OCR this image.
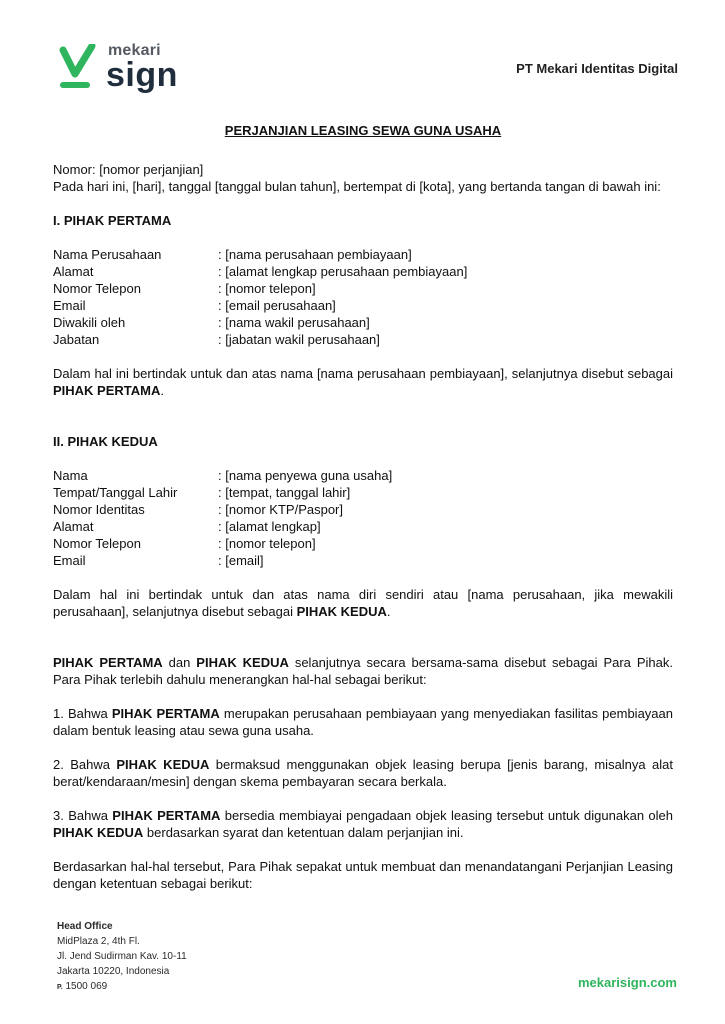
mekari
sign	PT Mekari Identitas Digital
PERJANJIAN LEASING SEWA GUNA USAHA
Nomor: [nomor perjanjian]
Pada hari ini, [hari], tanggal [tanggal bulan tahun], bertempat di [kota], yang bertanda tangan di bawah ini:
I. PIHAK PERTAMA
Nama Perusahaan	: [nama perusahaan pembiayaan]
Alamat	: [alamat lengkap perusahaan pembiayaan]
Nomor Telepon	: [nomor telepon]
Email	: [email perusahaan]
Diwakili oleh	: [nama wakil perusahaan]
Jabatan	: [jabatan wakil perusahaan]
Dalam hal ini bertindak untuk dan atas nama [nama perusahaan pembiayaan], selanjutnya disebut sebagai PIHAK PERTAMA.
II. PIHAK KEDUA
Nama	: [nama penyewa guna usaha]
Tempat/Tanggal Lahir	: [tempat, tanggal lahir]
Nomor Identitas	: [nomor KTP/Paspor]
Alamat	: [alamat lengkap]
Nomor Telepon	: [nomor telepon]
Email	: [email]
Dalam hal ini bertindak untuk dan atas nama diri sendiri atau [nama perusahaan, jika mewakili perusahaan], selanjutnya disebut sebagai PIHAK KEDUA.
PIHAK PERTAMA dan PIHAK KEDUA selanjutnya secara bersama-sama disebut sebagai Para Pihak. Para Pihak terlebih dahulu menerangkan hal-hal sebagai berikut:
1. Bahwa PIHAK PERTAMA merupakan perusahaan pembiayaan yang menyediakan fasilitas pembiayaan dalam bentuk leasing atau sewa guna usaha.
2. Bahwa PIHAK KEDUA bermaksud menggunakan objek leasing berupa [jenis barang, misalnya alat berat/kendaraan/mesin] dengan skema pembayaran secara berkala.
3. Bahwa PIHAK PERTAMA bersedia membiayai pengadaan objek leasing tersebut untuk digunakan oleh PIHAK KEDUA berdasarkan syarat dan ketentuan dalam perjanjian ini.
Berdasarkan hal-hal tersebut, Para Pihak sepakat untuk membuat dan menandatangani Perjanjian Leasing dengan ketentuan sebagai berikut:
Head Office
MidPlaza 2, 4th Fl.
Jl. Jend Sudirman Kav. 10-11
Jakarta 10220, Indonesia
P. 1500 069	mekarisign.com
